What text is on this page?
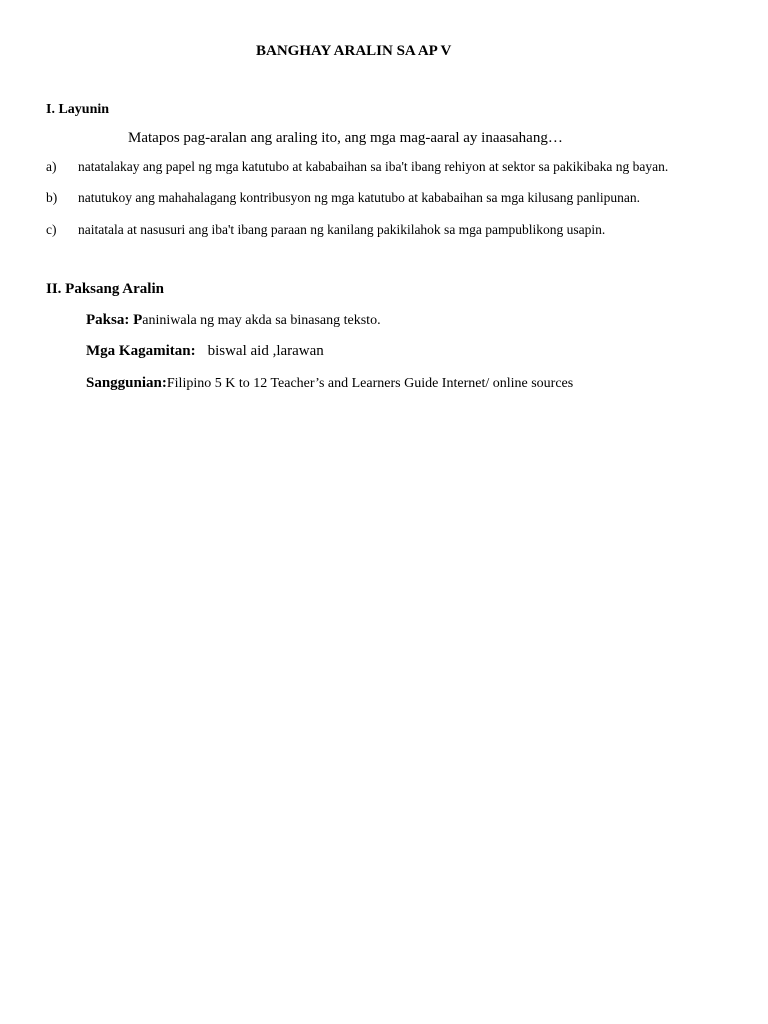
BANGHAY ARALIN SA AP V
I. Layunin
Matapos pag-aralan ang araling ito, ang mga mag-aaral ay inaasahang…
a) natatalakay ang papel ng mga katutubo at kababaihan sa iba't ibang rehiyon at sektor sa pakikibaka ng bayan.
b) natutukoy ang mahahalagang kontribusyon ng mga katutubo at kababaihan sa mga kilusang panlipunan.
c) naitatala at nasusuri ang iba't ibang paraan ng kanilang pakikilahok sa mga pampublikong usapin.
II. Paksang Aralin
Paksa: Paniniwala ng may akda sa binasang teksto.
Mga Kagamitan: biswal aid ,larawan
Sanggunian:Filipino 5 K to 12 Teacher’s and Learners Guide Internet/ online sources
